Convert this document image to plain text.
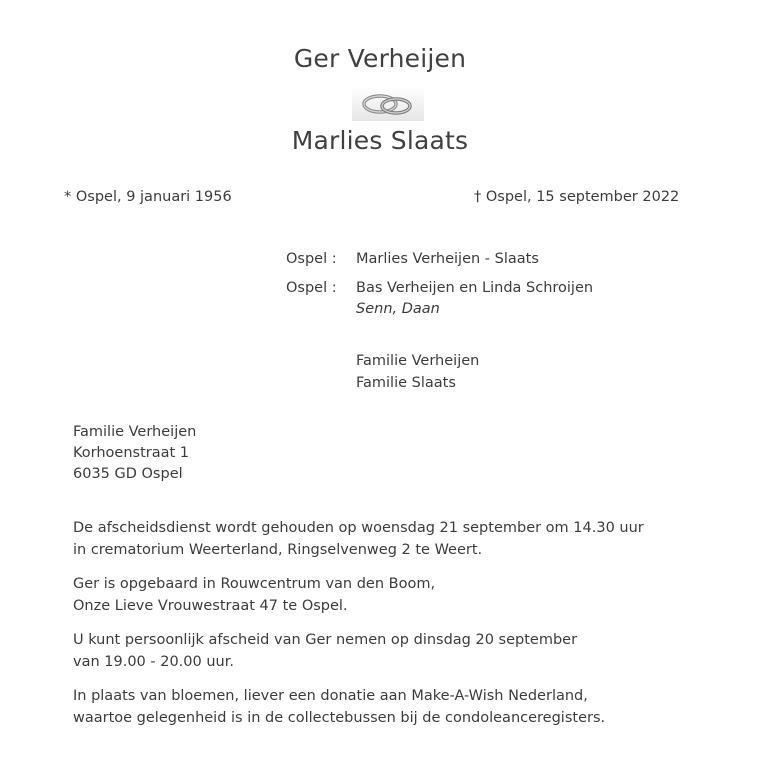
Ger Verheijen
Marlies Slaats
* Ospel, 9 januari 1956	† Ospel, 15 september 2022
Ospel : Marlies Verheijen - Slaats
Ospel : Bas Verheijen en Linda Schroijen
Senn, Daan
Familie Verheijen
Familie Slaats
Familie Verheijen
Korhoenstraat 1
6035 GD Ospel
De afscheidsdienst wordt gehouden op woensdag 21 september om 14.30 uur
in crematorium Weerterland, Ringselvenweg 2 te Weert.
Ger is opgebaard in Rouwcentrum van den Boom,
Onze Lieve Vrouwestraat 47 te Ospel.
U kunt persoonlijk afscheid van Ger nemen op dinsdag 20 september
van 19.00 - 20.00 uur.
In plaats van bloemen, liever een donatie aan Make-A-Wish Nederland,
waartoe gelegenheid is in de collectebussen bij de condoleanceregisters.
